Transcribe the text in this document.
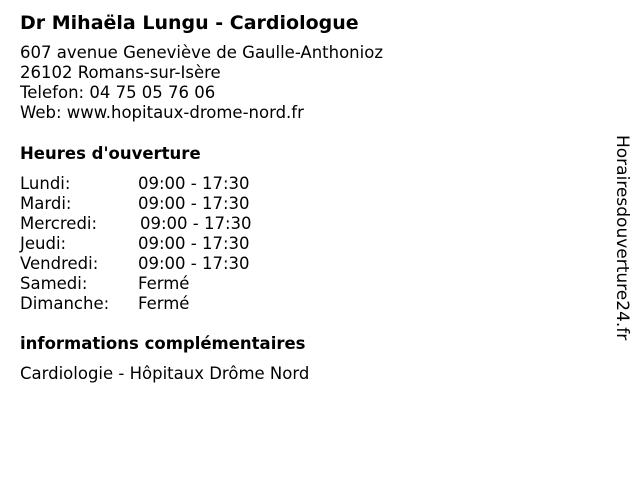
Dr Mihaëla Lungu - Cardiologue
607 avenue Geneviève de Gaulle-Anthonioz
26102 Romans-sur-Isère
Telefon: 04 75 05 76 06
Web: www.hopitaux-drome-nord.fr
Heures d'ouverture
Lundi:	09:00 - 17:30
Mardi:	09:00 - 17:30
Mercredi:	09:00 - 17:30
Jeudi:	09:00 - 17:30
Vendredi: 09:00 - 17:30
Samedi:	Fermé
Dimanche: Fermé
informations complémentaires
Cardiologie - Hôpitaux Drôme Nord
Horairesdouverture24.fr
